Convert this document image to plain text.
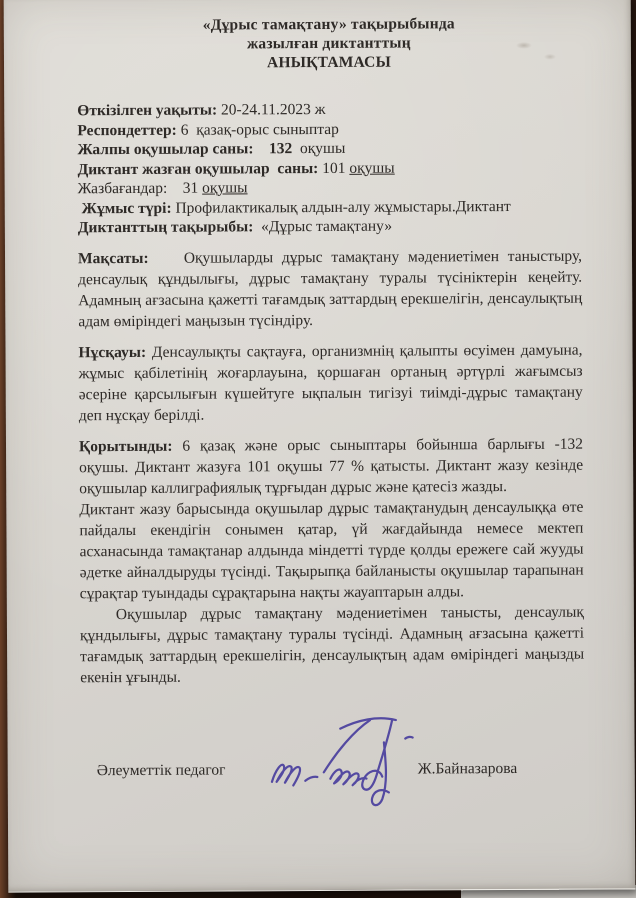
«Дұрыс тамақтану» тақырыбында
жазылған диктанттың
АНЫҚТАМАСЫ
Өткізілген уақыты: 20-24.11.2023 ж
Респондеттер: 6  қазақ-орыс сыныптар
Жалпы оқушылар саны:    132  оқушы
Диктант жазған оқушылар  саны: 101 оқушы
Жазбағандар:    31 оқушы
Жұмыс түрі: Профилактикалық алдын-алу жұмыстары.Диктант
Диктанттың тақырыбы:  «Дұрыс тамақтану»

Мақсаты:    Оқушыларды дұрыс тамақтану мәдениетімен таныстыру, денсаулық құндылығы, дұрыс тамақтану туралы түсініктерін кеңейту. Адамның ағзасына қажетті тағамдық заттардың ерекшелігін, денсаулықтың адам өміріндегі маңызын түсіндіру.

Нұсқауы: Денсаулықты сақтауға, организмнің қалыпты өсуімен дамуына, жұмыс қабілетінің жоғарлауына, қоршаған ортаның әртүрлі жағымсыз әсеріне қарсылығын күшейтуге ықпалын тигізуі тиімді-дұрыс тамақтану деп нұсқау берілді.

Қорытынды: 6 қазақ және орыс сыныптары бойынша барлығы -132 оқушы. Диктант жазуға 101 оқушы 77 % қатысты. Диктант жазу кезінде оқушылар каллиграфиялық тұрғыдан дұрыс және қатесіз жазды.

Диктант жазу барысында оқушылар дұрыс тамақтанудың денсаулыққа өте пайдалы екендігін сонымен қатар, үй жағдайында немесе мектеп асханасында тамақтанар алдында міндетті түрде қолды ережеге сай жууды әдетке айналдыруды түсінді. Тақырыпқа байланысты оқушылар тарапынан сұрақтар туындады сұрақтарына нақты жауаптарын алды.

Оқушылар дұрыс тамақтану мәдениетімен танысты, денсаулық құндылығы, дұрыс тамақтану туралы түсінді. Адамның ағзасына қажетті тағамдық заттардың ерекшелігін, денсаулықтың адам өміріндегі маңызды екенін ұғынды.

Әлеуметтік педагог	Ж.Байназарова
